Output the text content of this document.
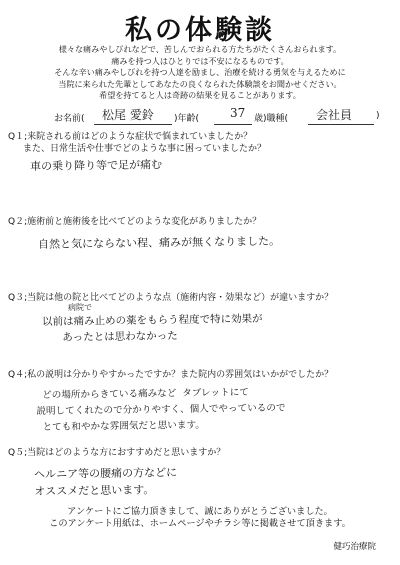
私の体験談
様々な痛みやしびれなどで、苦しんでおられる方たちがたくさんおられます。
痛みを持つ人はひとりでは不安になるものです。
そんな辛い痛みやしびれを持つ人達を励まし、治療を続ける勇気を与えるために
当院に来られた先輩としてあなたの良くなられた体験談をお聞かせください。
希望を持てると人は奇跡の結果を見ることがあります。
お名前( 松尾 愛鈴 )年齢(	37 歳)職種( 会社員	)
Q１;来院される前はどのような症状で悩まれていましたか？
また、日常生活や仕事でどのような事に困っていましたか？
車の乗り降り等で足が痛む
Q２;施術前と施術後を比べてどのような変化がありましたか？
自然と気にならない程、痛みが無くなりました。
Q３;当院は他の院と比べてどのような点（施術内容・効果など）が違いますか？
病院で
以前は痛み止めの薬をもらう程度で特に効果が
あったとは思わなかった
Q４;私の説明は分かりやすかったですか？また院内の雰囲気はいかがでしたか？
どの場所からきている痛みなど タブレットにて
説明してくれたので分かりやすく、個人でやっているので
とても和やかな雰囲気だと思います。
Q５;当院はどのような方におすすめだと思いますか？
ヘルニア等の腰痛の方などに
オススメだと思います。
アンケートにご協力頂きまして、誠にありがとうございました。
このアンケート用紙は、ホームページやチラシ等に掲載させて頂きます。
健巧治療院
